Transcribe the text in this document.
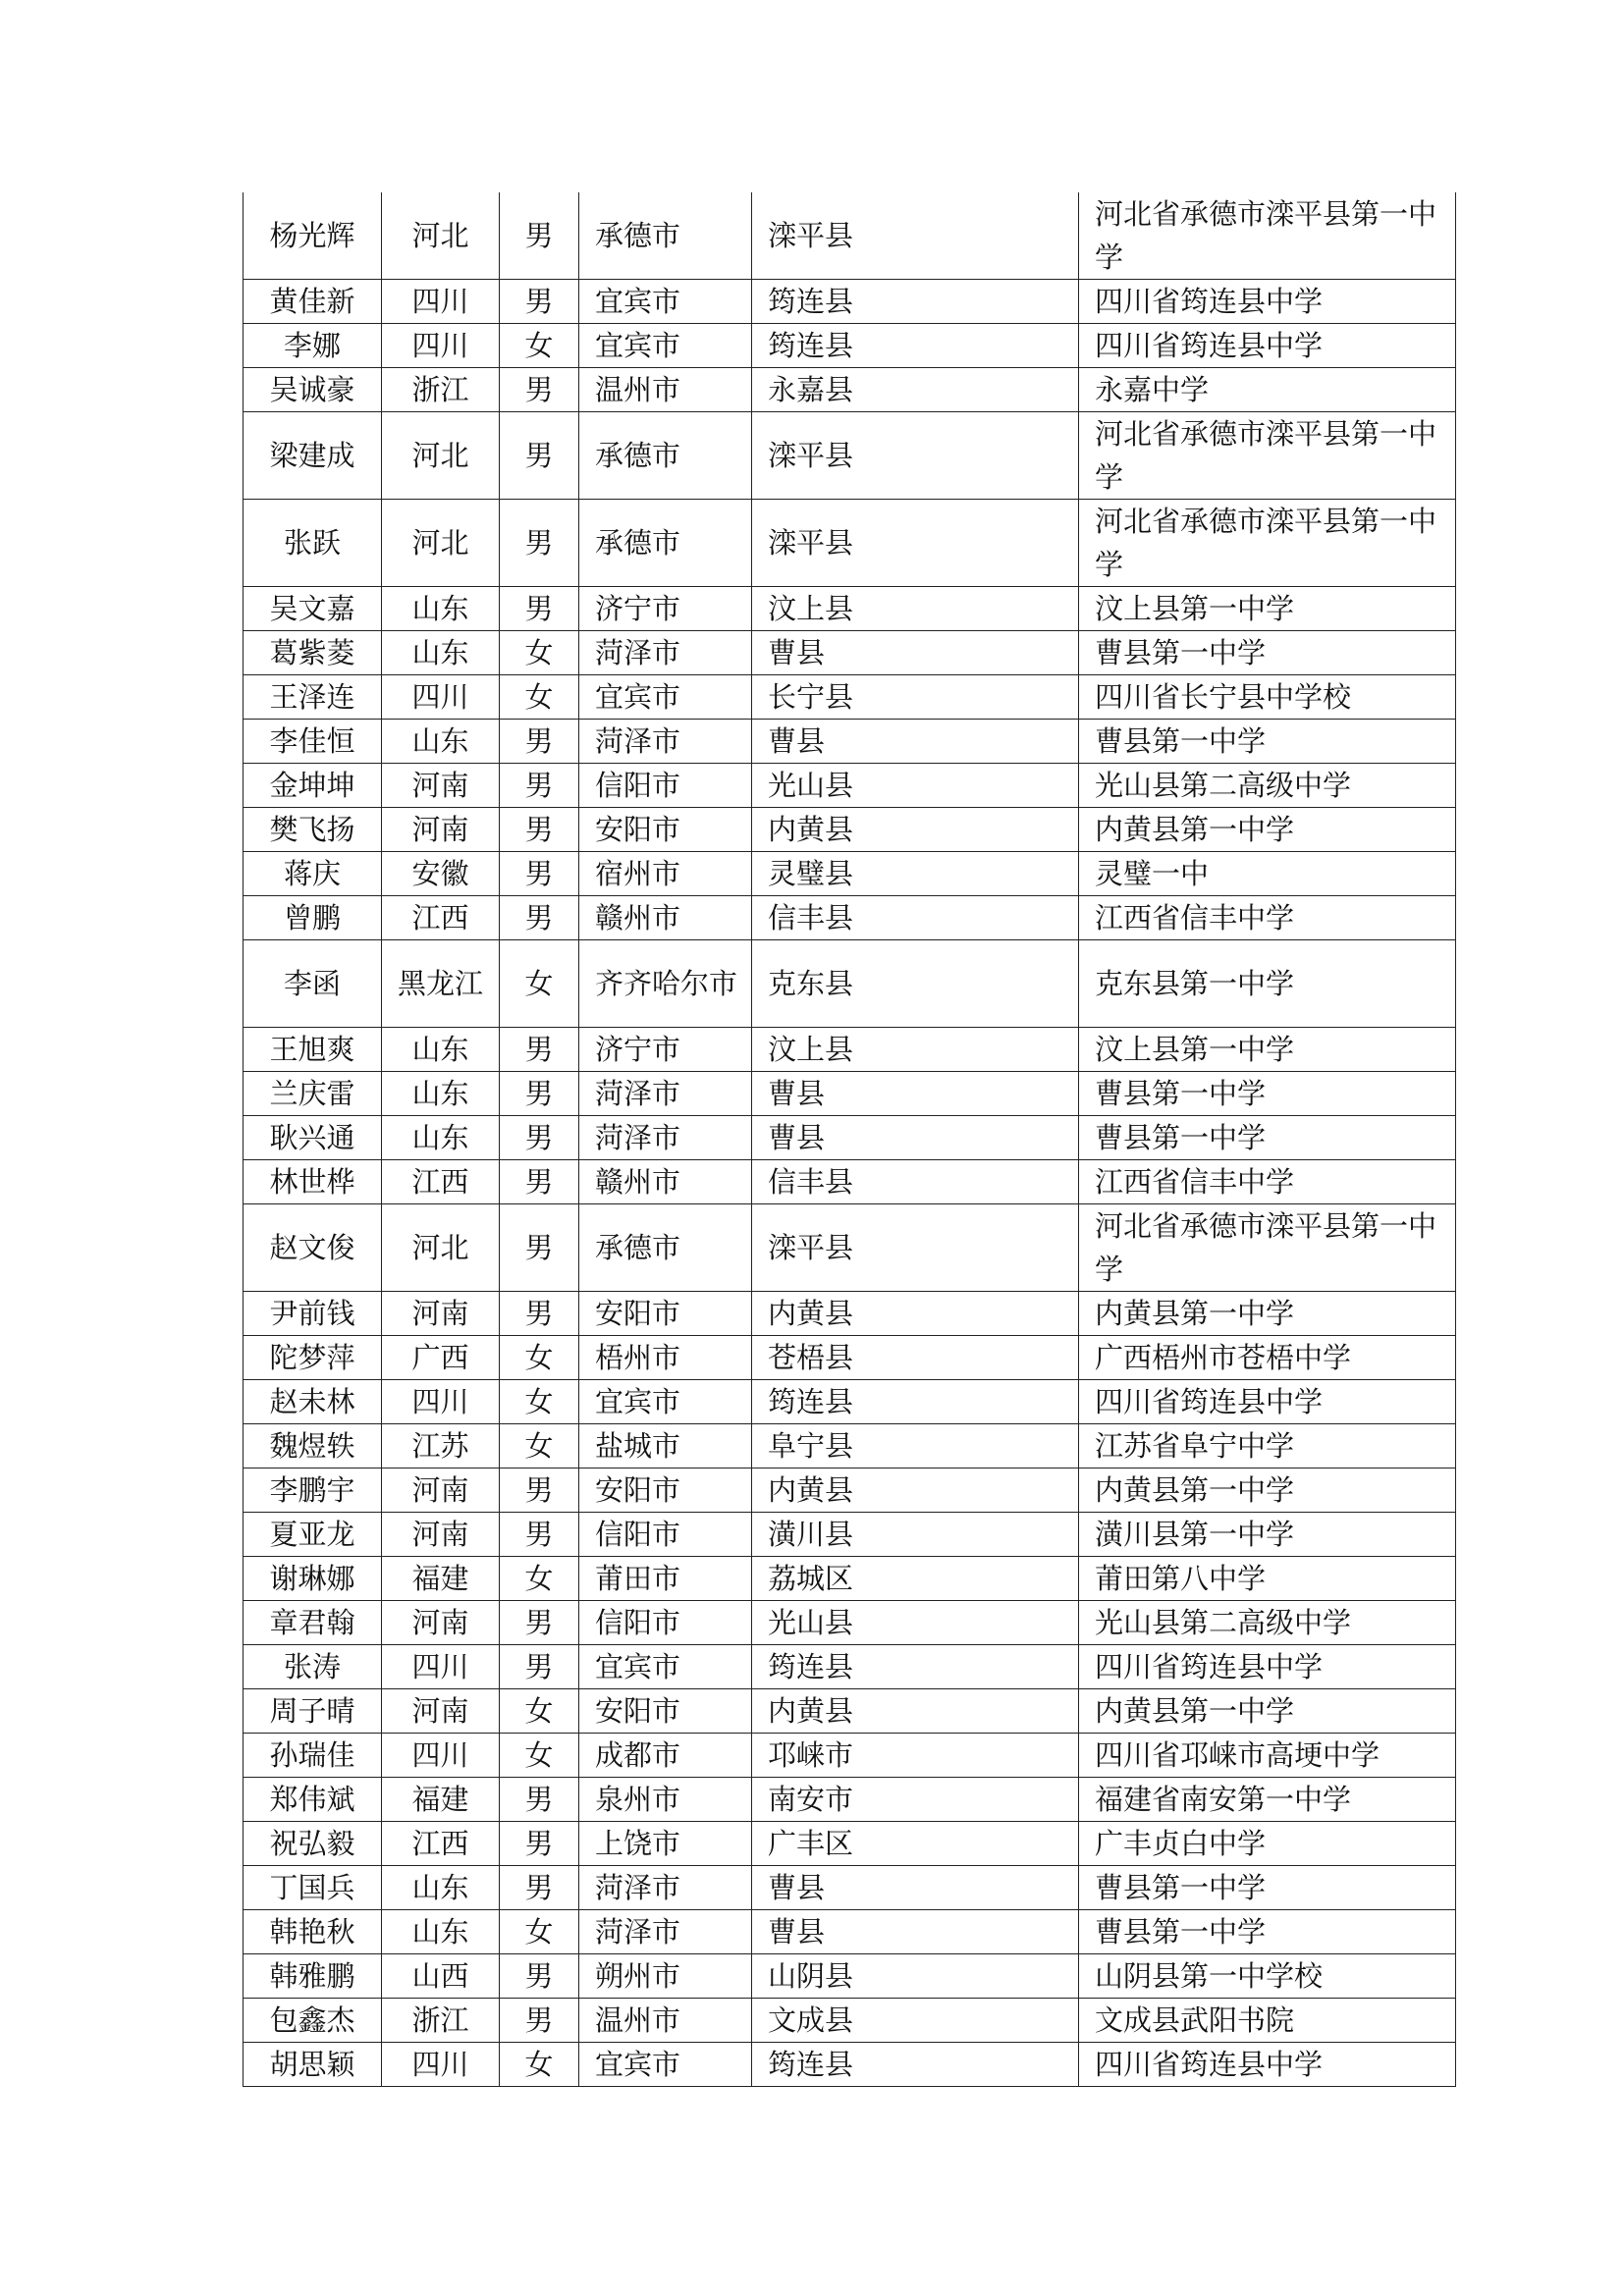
杨光辉	河北	男	承德市	滦平县	河北省承德市滦平县第一中学
黄佳新	四川	男	宜宾市	筠连县	四川省筠连县中学
李娜	四川	女	宜宾市	筠连县	四川省筠连县中学
吴诚豪	浙江	男	温州市	永嘉县	永嘉中学
梁建成	河北	男	承德市	滦平县	河北省承德市滦平县第一中学
张跃	河北	男	承德市	滦平县	河北省承德市滦平县第一中学
吴文嘉	山东	男	济宁市	汶上县	汶上县第一中学
葛紫菱	山东	女	菏泽市	曹县	曹县第一中学
王泽连	四川	女	宜宾市	长宁县	四川省长宁县中学校
李佳恒	山东	男	菏泽市	曹县	曹县第一中学
金坤坤	河南	男	信阳市	光山县	光山县第二高级中学
樊飞扬	河南	男	安阳市	内黄县	内黄县第一中学
蒋庆	安徽	男	宿州市	灵璧县	灵璧一中
曾鹏	江西	男	赣州市	信丰县	江西省信丰中学
李函	黑龙江	女	齐齐哈尔市	克东县	克东县第一中学
王旭爽	山东	男	济宁市	汶上县	汶上县第一中学
兰庆雷	山东	男	菏泽市	曹县	曹县第一中学
耿兴通	山东	男	菏泽市	曹县	曹县第一中学
林世桦	江西	男	赣州市	信丰县	江西省信丰中学
赵文俊	河北	男	承德市	滦平县	河北省承德市滦平县第一中学
尹前钱	河南	男	安阳市	内黄县	内黄县第一中学
陀梦萍	广西	女	梧州市	苍梧县	广西梧州市苍梧中学
赵未林	四川	女	宜宾市	筠连县	四川省筠连县中学
魏煜轶	江苏	女	盐城市	阜宁县	江苏省阜宁中学
李鹏宇	河南	男	安阳市	内黄县	内黄县第一中学
夏亚龙	河南	男	信阳市	潢川县	潢川县第一中学
谢琳娜	福建	女	莆田市	荔城区	莆田第八中学
章君翰	河南	男	信阳市	光山县	光山县第二高级中学
张涛	四川	男	宜宾市	筠连县	四川省筠连县中学
周子晴	河南	女	安阳市	内黄县	内黄县第一中学
孙瑞佳	四川	女	成都市	邛崃市	四川省邛崃市高埂中学
郑伟斌	福建	男	泉州市	南安市	福建省南安第一中学
祝弘毅	江西	男	上饶市	广丰区	广丰贞白中学
丁国兵	山东	男	菏泽市	曹县	曹县第一中学
韩艳秋	山东	女	菏泽市	曹县	曹县第一中学
韩雅鹏	山西	男	朔州市	山阴县	山阴县第一中学校
包鑫杰	浙江	男	温州市	文成县	文成县武阳书院
胡思颖	四川	女	宜宾市	筠连县	四川省筠连县中学
